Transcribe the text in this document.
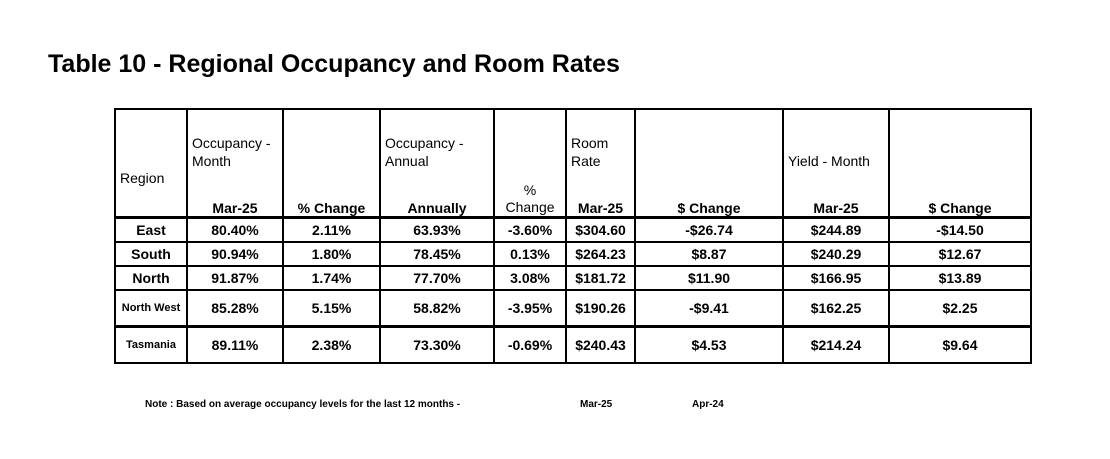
Table 10 - Regional Occupancy and Room Rates
Region	Occupancy - Month		Occupancy - Annual		Room Rate		Yield - Month	
	Mar-25	% Change	Annually	% Change	Mar-25	$ Change	Mar-25	$ Change
East	80.40%	2.11%	63.93%	-3.60%	$304.60	-$26.74	$244.89	-$14.50
South	90.94%	1.80%	78.45%	0.13%	$264.23	$8.87	$240.29	$12.67
North	91.87%	1.74%	77.70%	3.08%	$181.72	$11.90	$166.95	$13.89
North West	85.28%	5.15%	58.82%	-3.95%	$190.26	-$9.41	$162.25	$2.25
Tasmania	89.11%	2.38%	73.30%	-0.69%	$240.43	$4.53	$214.24	$9.64
Note : Based on average occupancy levels for the last 12 months -	Mar-25	Apr-24
